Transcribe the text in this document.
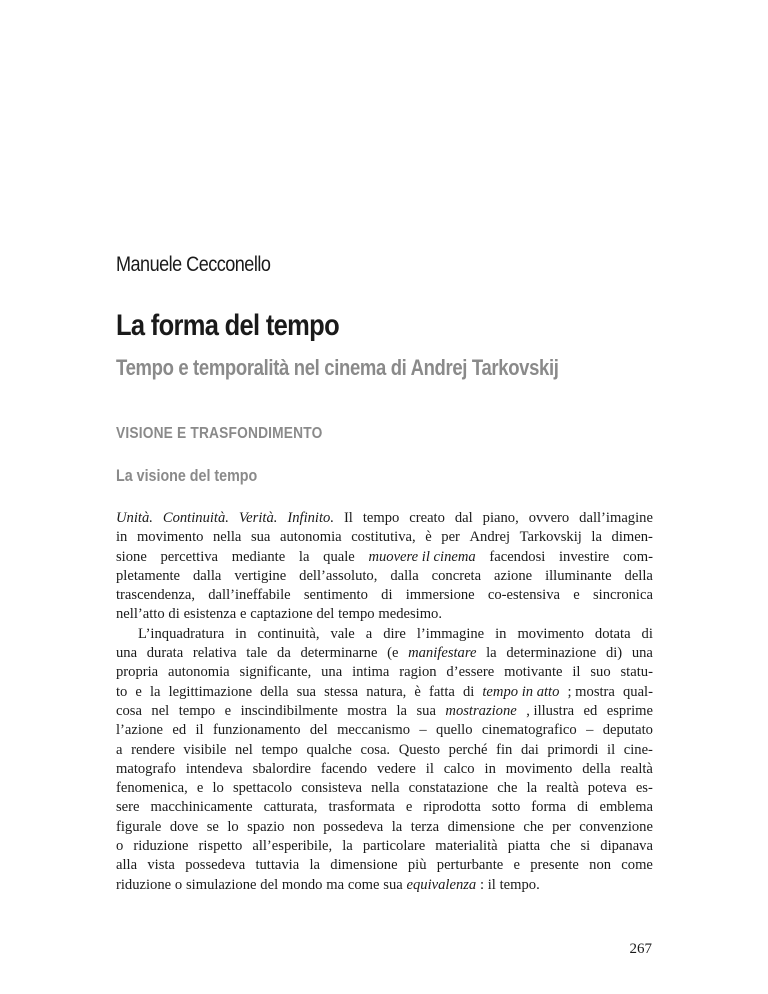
Manuele Cecconello
La forma del tempo
Tempo e temporalità nel cinema di Andrej Tarkovskij
VISIONE E TRASFONDIMENTO
La visione del tempo
Unità. Continuità. Verità. Infinito. Il tempo creato dal piano, ovvero dall’imagine
in movimento nella sua autonomia costitutiva, è per Andrej Tarkovskij la dimen-
sione percettiva mediante la quale muovere il cinema facendosi investire com-
pletamente dalla vertigine dell’assoluto, dalla concreta azione illuminante della
trascendenza, dall’ineffabile sentimento di immersione co-estensiva e sincronica
nell’atto di esistenza e captazione del tempo medesimo.
L’inquadratura in continuità, vale a dire l’immagine in movimento dotata di
una durata relativa tale da determinarne (e manifestare la determinazione di) una
propria autonomia significante, una intima ragion d’essere motivante il suo statu-
to e la legittimazione della sua stessa natura, è fatta di tempo in atto ; mostra qual-
cosa nel tempo e inscindibilmente mostra la sua mostrazione , illustra ed esprime
l’azione ed il funzionamento del meccanismo – quello cinematografico – deputato
a rendere visibile nel tempo qualche cosa. Questo perché fin dai primordi il cine-
matografo intendeva sbalordire facendo vedere il calco in movimento della realtà
fenomenica, e lo spettacolo consisteva nella constatazione che la realtà poteva es-
sere macchinicamente catturata, trasformata e riprodotta sotto forma di emblema
figurale dove se lo spazio non possedeva la terza dimensione che per convenzione
o riduzione rispetto all’esperibile, la particolare materialità piatta che si dipanava
alla vista possedeva tuttavia la dimensione più perturbante e presente non come
riduzione o simulazione del mondo ma come sua equivalenza : il tempo.
267
